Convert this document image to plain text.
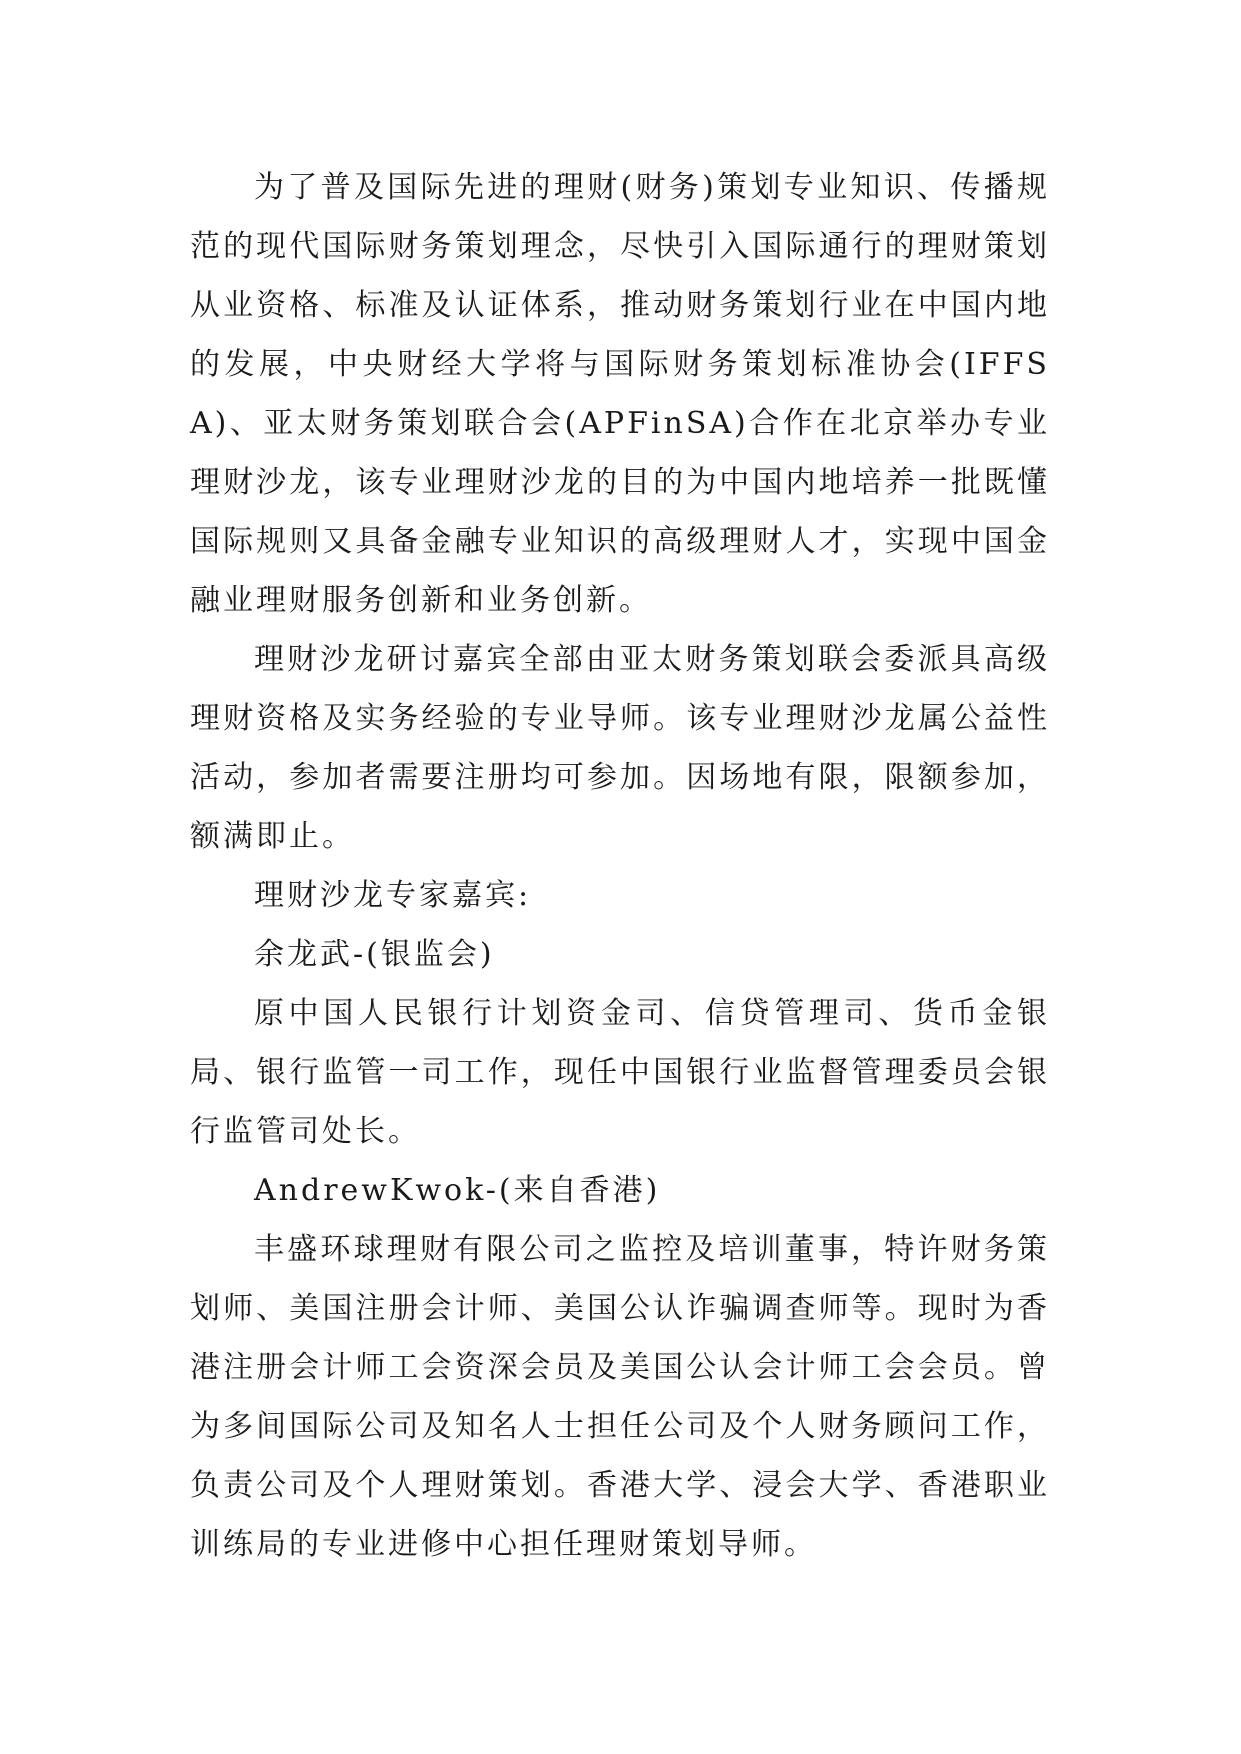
为了普及国际先进的理财(财务)策划专业知识、传播规范的现代国际财务策划理念，尽快引入国际通行的理财策划从业资格、标准及认证体系，推动财务策划行业在中国内地的发展，中央财经大学将与国际财务策划标准协会(IFFSA)、亚太财务策划联合会(APFinSA)合作在北京举办专业理财沙龙，该专业理财沙龙的目的为中国内地培养一批既懂国际规则又具备金融专业知识的高级理财人才，实现中国金融业理财服务创新和业务创新。

理财沙龙研讨嘉宾全部由亚太财务策划联会委派具高级理财资格及实务经验的专业导师。该专业理财沙龙属公益性活动，参加者需要注册均可参加。因场地有限，限额参加，额满即止。

理财沙龙专家嘉宾:

余龙武-(银监会)

原中国人民银行计划资金司、信贷管理司、货币金银局、银行监管一司工作，现任中国银行业监督管理委员会银行监管司处长。

AndrewKwok-(来自香港)

丰盛环球理财有限公司之监控及培训董事，特许财务策划师、美国注册会计师、美国公认诈骗调查师等。现时为香港注册会计师工会资深会员及美国公认会计师工会会员。曾为多间国际公司及知名人士担任公司及个人财务顾问工作，负责公司及个人理财策划。香港大学、浸会大学、香港职业训练局的专业进修中心担任理财策划导师。
